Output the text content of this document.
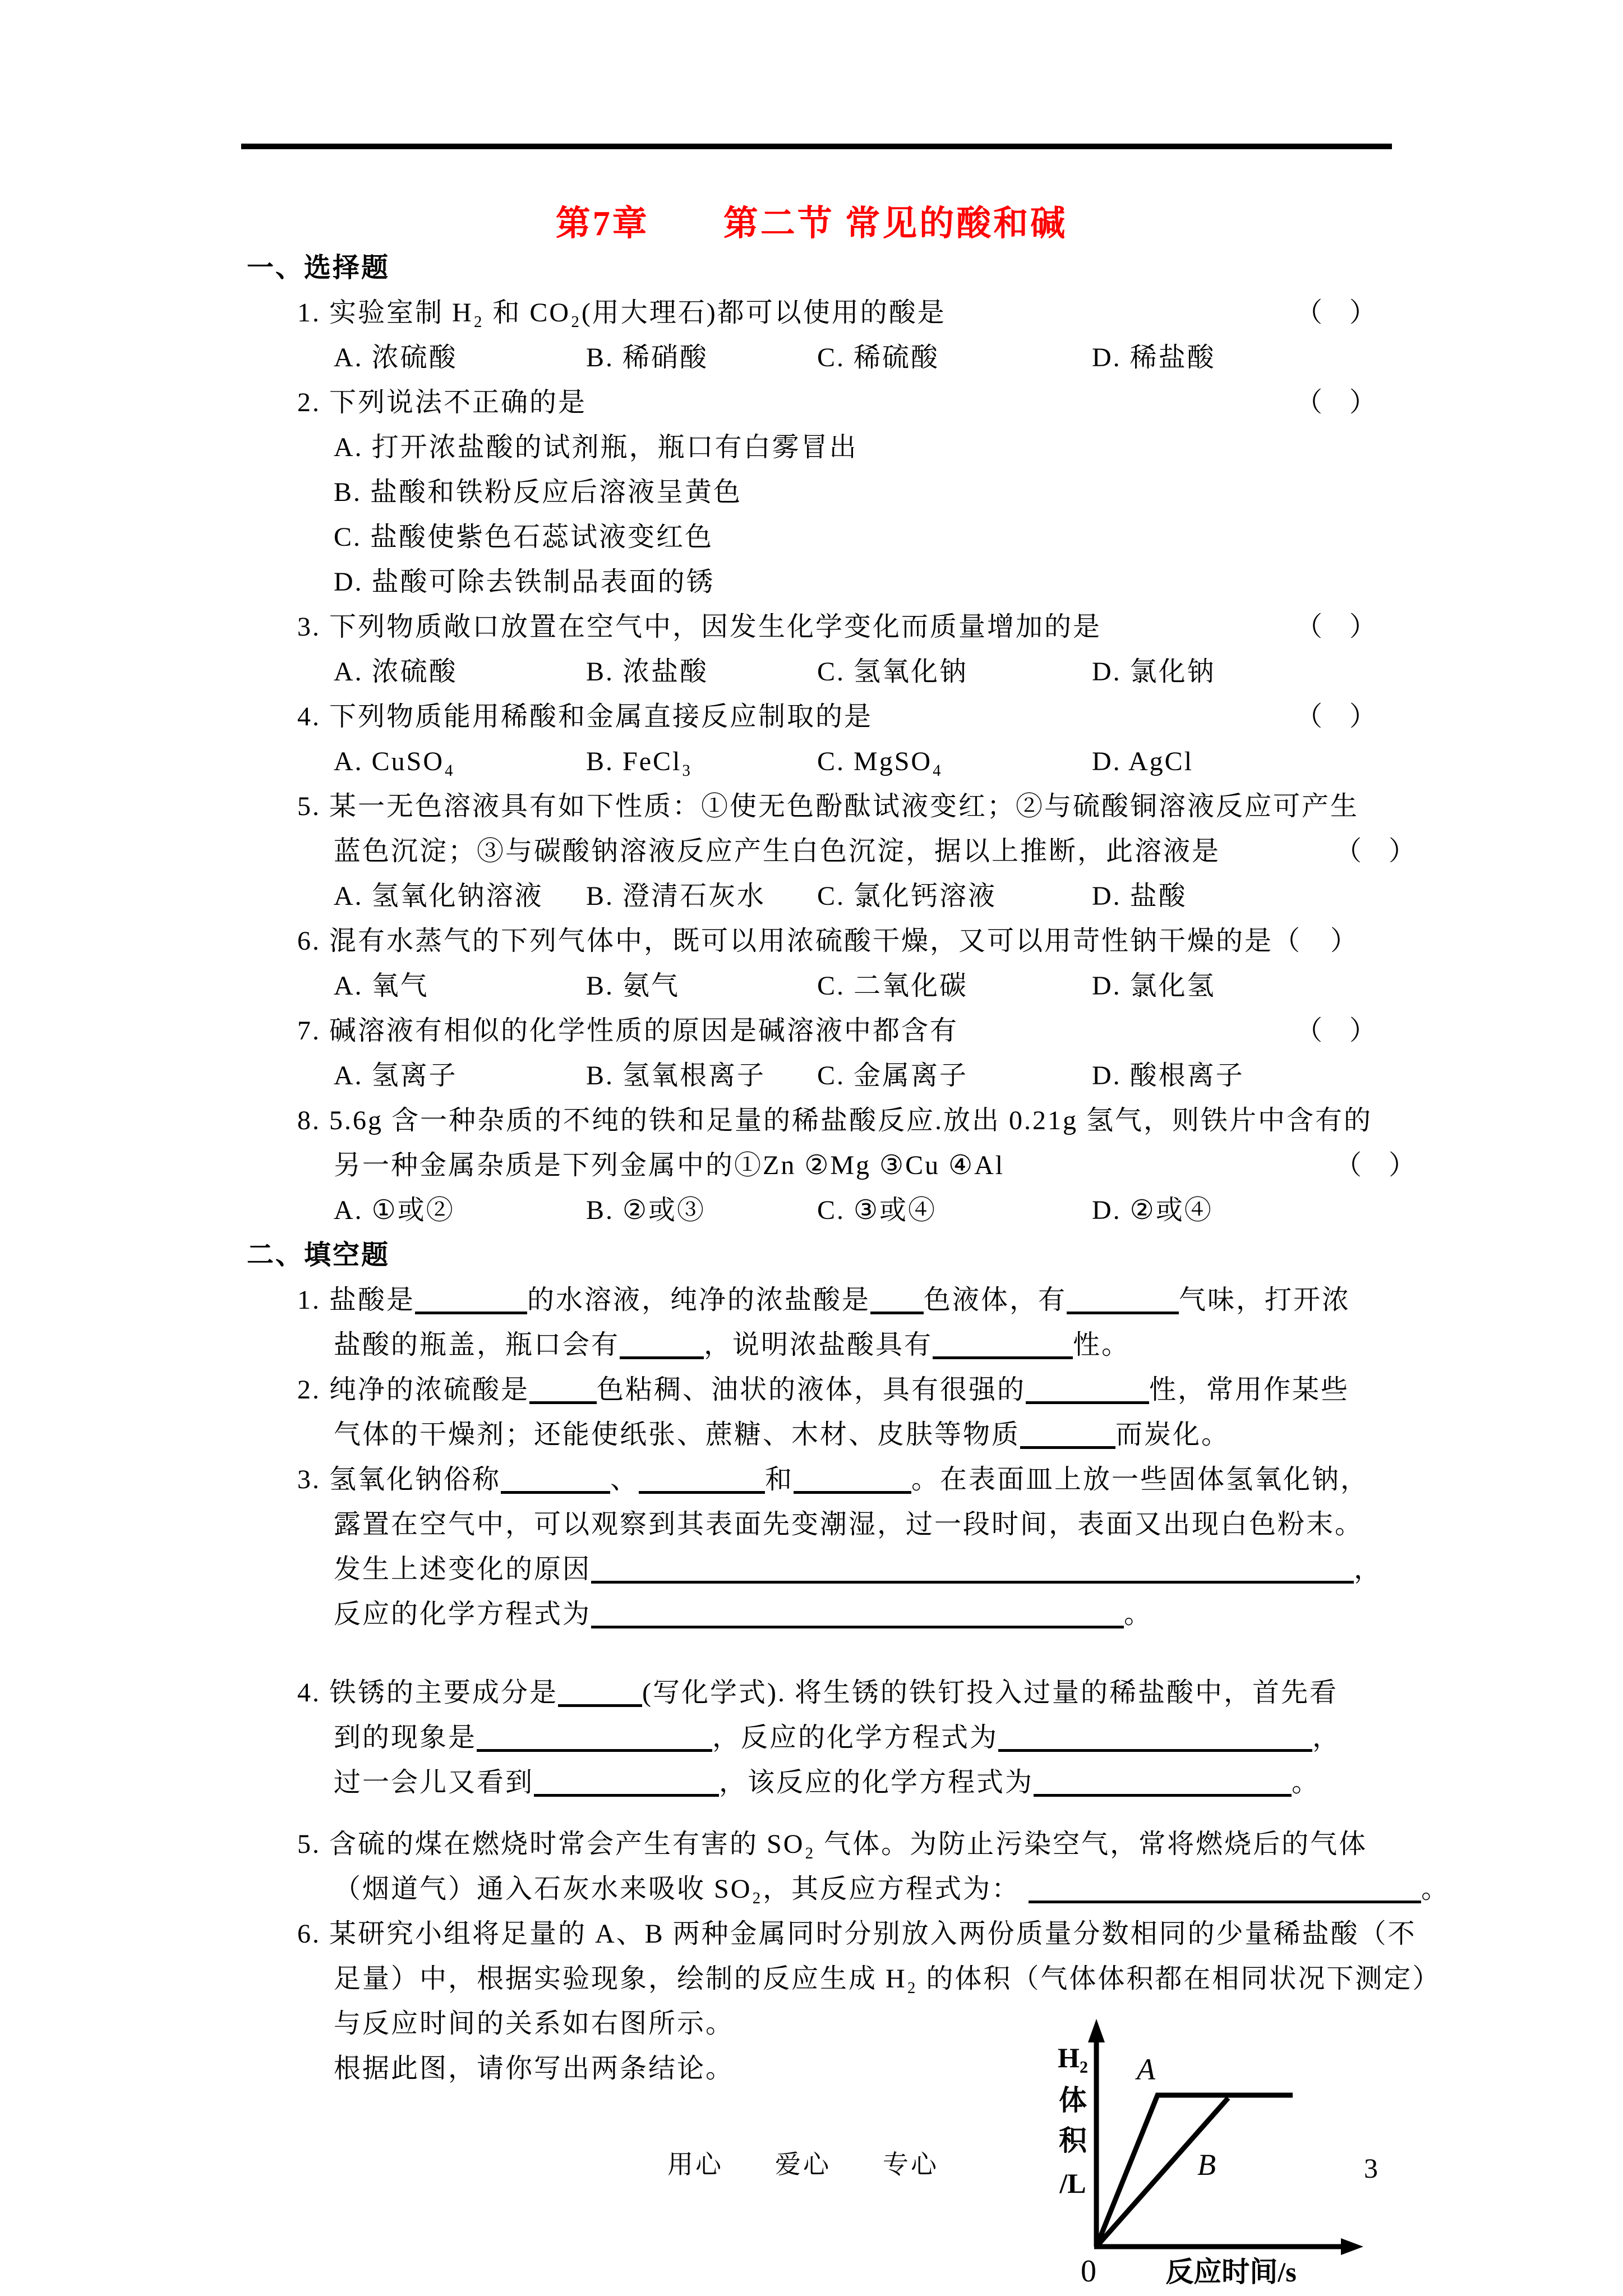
第7章　　第二节 常见的酸和碱
一、选择题
1. 实验室制 H₂ 和 CO₂(用大理石)都可以使用的酸是	（　）
A. 浓硫酸	B. 稀硝酸	C. 稀硫酸	D. 稀盐酸
2. 下列说法不正确的是	（　）
A. 打开浓盐酸的试剂瓶，瓶口有白雾冒出
B. 盐酸和铁粉反应后溶液呈黄色
C. 盐酸使紫色石蕊试液变红色
D. 盐酸可除去铁制品表面的锈
3. 下列物质敞口放置在空气中，因发生化学变化而质量增加的是	（　）
A. 浓硫酸	B. 浓盐酸	C. 氢氧化钠	D. 氯化钠
4. 下列物质能用稀酸和金属直接反应制取的是	（　）
A. CuSO₄	B. FeCl₃	C. MgSO₄	D. AgCl
5. 某一无色溶液具有如下性质：①使无色酚酞试液变红；②与硫酸铜溶液反应可产生
蓝色沉淀；③与碳酸钠溶液反应产生白色沉淀，据以上推断，此溶液是	（　）
A. 氢氧化钠溶液 B. 澄清石灰水 C. 氯化钙溶液	D. 盐酸
6. 混有水蒸气的下列气体中，既可以用浓硫酸干燥，又可以用苛性钠干燥的是（　）
A. 氧气	B. 氨气	C. 二氧化碳	D. 氯化氢
7. 碱溶液有相似的化学性质的原因是碱溶液中都含有	（　）
A. 氢离子	B. 氢氧根离子 C. 金属离子	D. 酸根离子
8. 5.6g 含一种杂质的不纯的铁和足量的稀盐酸反应.放出 0.21g 氢气，则铁片中含有的
另一种金属杂质是下列金属中的①Zn ②Mg ③Cu ④Al	（　）
A. ①或②	B. ②或③	C. ③或④	D. ②或④
二、填空题
1. 盐酸是	的水溶液，纯净的浓盐酸是 色液体，有	气味，打开浓
盐酸的瓶盖，瓶口会有	，说明浓盐酸具有	性。
2. 纯净的浓硫酸是	色粘稠、油状的液体，具有很强的	性，常用作某些
气体的干燥剂；还能使纸张、蔗糖、木材、皮肤等物质	而炭化。
3. 氢氧化钠俗称	、	和	。在表面皿上放一些固体氢氧化钠，
露置在空气中，可以观察到其表面先变潮湿，过一段时间，表面又出现白色粉末。
发生上述变化的原因	，
反应的化学方程式为	。
4. 铁锈的主要成分是	(写化学式). 将生锈的铁钉投入过量的稀盐酸中，首先看
到的现象是	，反应的化学方程式为	，
过一会儿又看到	，该反应的化学方程式为	。
5. 含硫的煤在燃烧时常会产生有害的 SO₂ 气体。为防止污染空气，常将燃烧后的气体
（烟道气）通入石灰水来吸收 SO₂，其反应方程式为：	。
6. 某研究小组将足量的 A、B 两种金属同时分别放入两份质量分数相同的少量稀盐酸（不
足量）中，根据实验现象，绘制的反应生成 H₂ 的体积（气体体积都在相同状况下测定）
与反应时间的关系如右图所示。
根据此图，请你写出两条结论。	H₂
体
积
/L
A
B
0 反应时间/s
用心 爱心 专心	3
